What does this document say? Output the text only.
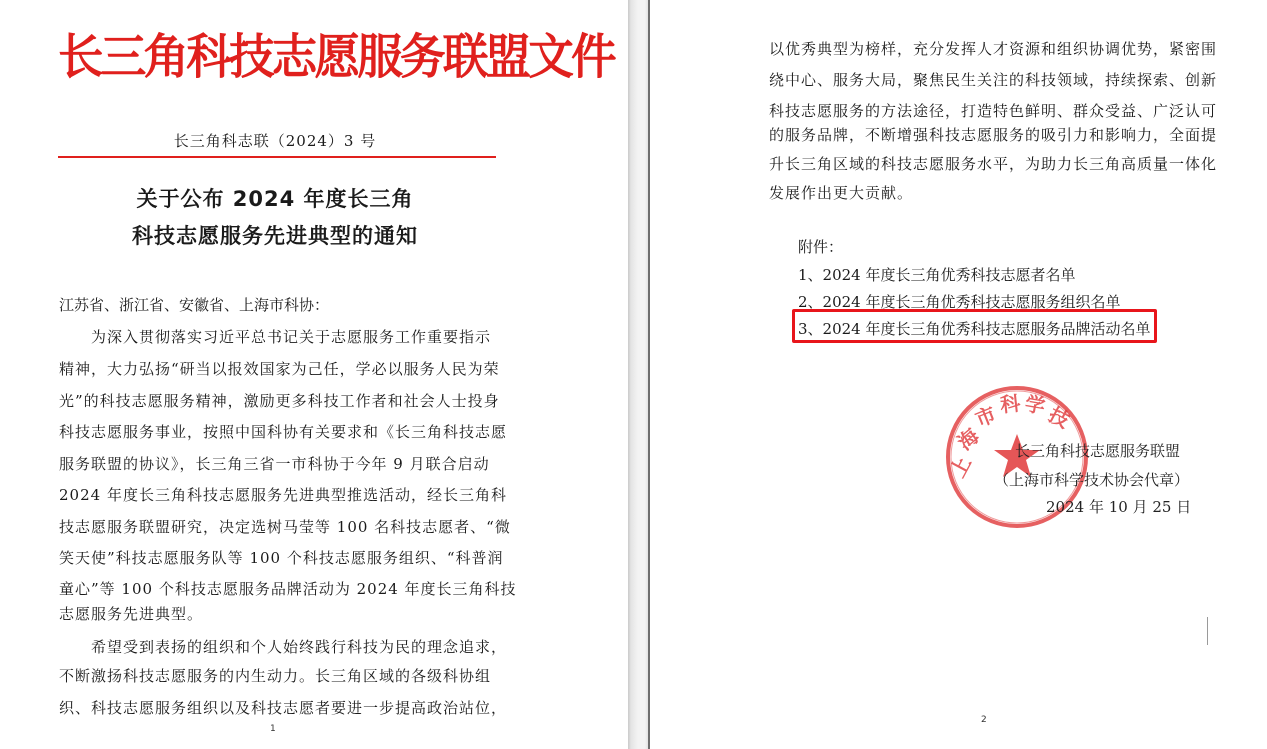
长三角科技志愿服务联盟文件
长三角科志联（2024）3 号
关于公布 2024 年度长三角
科技志愿服务先进典型的通知
江苏省、浙江省、安徽省、上海市科协：
为深入贯彻落实习近平总书记关于志愿服务工作重要指示
精神，大力弘扬“研当以报效国家为己任，学必以服务人民为荣
光”的科技志愿服务精神，激励更多科技工作者和社会人士投身
科技志愿服务事业，按照中国科协有关要求和《长三角科技志愿
服务联盟的协议》，长三角三省一市科协于今年 9 月联合启动
2024 年度长三角科技志愿服务先进典型推选活动，经长三角科
技志愿服务联盟研究，决定选树马莹等 100 名科技志愿者、“微
笑天使”科技志愿服务队等 100 个科技志愿服务组织、“科普润
童心”等 100 个科技志愿服务品牌活动为 2024 年度长三角科技
志愿服务先进典型。
希望受到表扬的组织和个人始终践行科技为民的理念追求，
不断激扬科技志愿服务的内生动力。长三角区域的各级科协组
织、科技志愿服务组织以及科技志愿者要进一步提高政治站位，
1
以优秀典型为榜样，充分发挥人才资源和组织协调优势，紧密围
绕中心、服务大局，聚焦民生关注的科技领域，持续探索、创新
科技志愿服务的方法途径，打造特色鲜明、群众受益、广泛认可
的服务品牌，不断增强科技志愿服务的吸引力和影响力，全面提
升长三角区域的科技志愿服务水平，为助力长三角高质量一体化
发展作出更大贡献。
附件：
1、2024 年度长三角优秀科技志愿者名单
2、2024 年度长三角优秀科技志愿服务组织名单
3、2024 年度长三角优秀科技志愿服务品牌活动名单
上
海
市 科 学
技
长三角科技志愿服务联盟
（上海市科学技术协会代章）
2024 年 10 月 25 日
2
